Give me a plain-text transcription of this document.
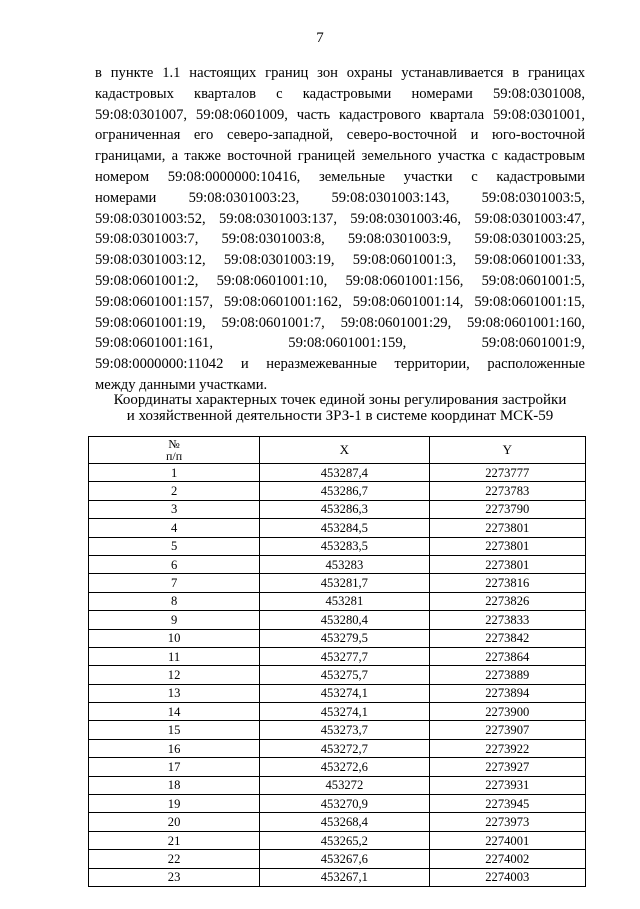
7
в пункте 1.1 настоящих границ зон охраны устанавливается в границах
кадастровых кварталов с кадастровыми номерами 59:08:0301008,
59:08:0301007, 59:08:0601009, часть кадастрового квартала 59:08:0301001,
ограниченная его северо-западной, северо-восточной и юго-восточной
границами, а также восточной границей земельного участка с кадастровым
номером 59:08:0000000:10416, земельные участки с кадастровыми
номерами 59:08:0301003:23, 59:08:0301003:143, 59:08:0301003:5,
59:08:0301003:52, 59:08:0301003:137, 59:08:0301003:46, 59:08:0301003:47,
59:08:0301003:7, 59:08:0301003:8, 59:08:0301003:9, 59:08:0301003:25,
59:08:0301003:12, 59:08:0301003:19, 59:08:0601001:3, 59:08:0601001:33,
59:08:0601001:2, 59:08:0601001:10, 59:08:0601001:156, 59:08:0601001:5,
59:08:0601001:157, 59:08:0601001:162, 59:08:0601001:14, 59:08:0601001:15,
59:08:0601001:19, 59:08:0601001:7, 59:08:0601001:29, 59:08:0601001:160,
59:08:0601001:161, 59:08:0601001:159, 59:08:0601001:9,
59:08:0000000:11042 и неразмежеванные территории, расположенные
между данными участками.
Координаты характерных точек единой зоны регулирования застройки
и хозяйственной деятельности ЗРЗ-1 в системе координат МСК-59
№
п/п	X	Y
1	453287,4	2273777
2	453286,7	2273783
3	453286,3	2273790
4	453284,5	2273801
5	453283,5	2273801
6	453283	2273801
7	453281,7	2273816
8	453281	2273826
9	453280,4	2273833
10	453279,5	2273842
11	453277,7	2273864
12	453275,7	2273889
13	453274,1	2273894
14	453274,1	2273900
15	453273,7	2273907
16	453272,7	2273922
17	453272,6	2273927
18	453272	2273931
19	453270,9	2273945
20	453268,4	2273973
21	453265,2	2274001
22	453267,6	2274002
23	453267,1	2274003
